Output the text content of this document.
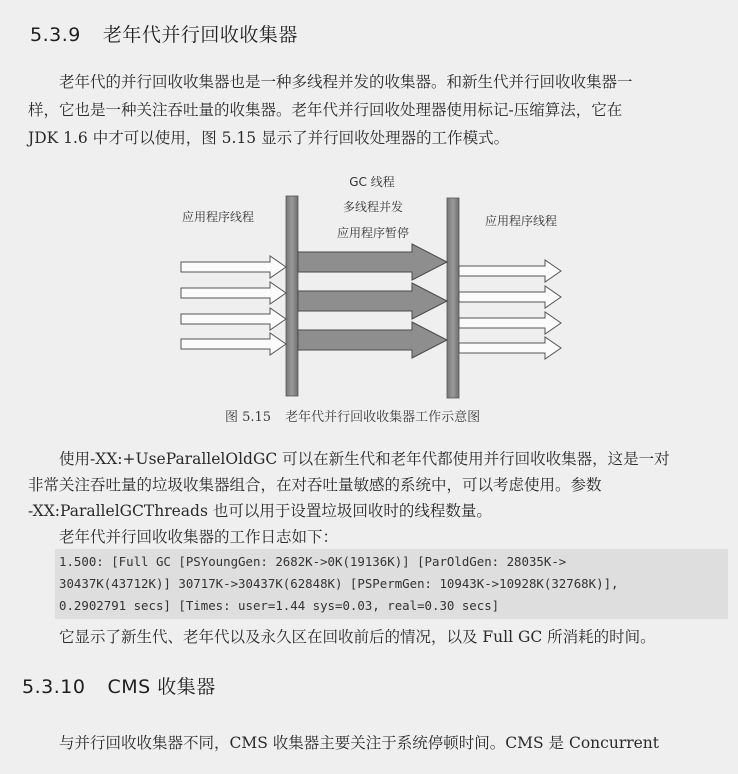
5.3.9 老年代并行回收收集器
老年代的并行回收收集器也是一种多线程并发的收集器。和新生代并行回收收集器一
样，它也是一种关注吞吐量的收集器。老年代并行回收处理器使用标记-压缩算法，它在
JDK 1.6 中才可以使用，图 5.15 显示了并行回收处理器的工作模式。
GC 线程
多线程并发
应用程序暂停
应用程序线程	应用程序线程
图 5.15 老年代并行回收收集器工作示意图
使用-XX:+UseParallelOldGC 可以在新生代和老年代都使用并行回收收集器，这是一对
非常关注吞吐量的垃圾收集器组合，在对吞吐量敏感的系统中，可以考虑使用。参数
-XX:ParallelGCThreads 也可以用于设置垃圾回收时的线程数量。
老年代并行回收收集器的工作日志如下：
1.500: [Full GC [PSYoungGen: 2682K->0K(19136K)] [ParOldGen: 28035K->
30437K(43712K)] 30717K->30437K(62848K) [PSPermGen: 10943K->10928K(32768K)],
0.2902791 secs] [Times: user=1.44 sys=0.03, real=0.30 secs]
它显示了新生代、老年代以及永久区在回收前后的情况，以及 Full GC 所消耗的时间。
5.3.10 CMS 收集器
与并行回收收集器不同，CMS 收集器主要关注于系统停顿时间。CMS 是 Concurrent
